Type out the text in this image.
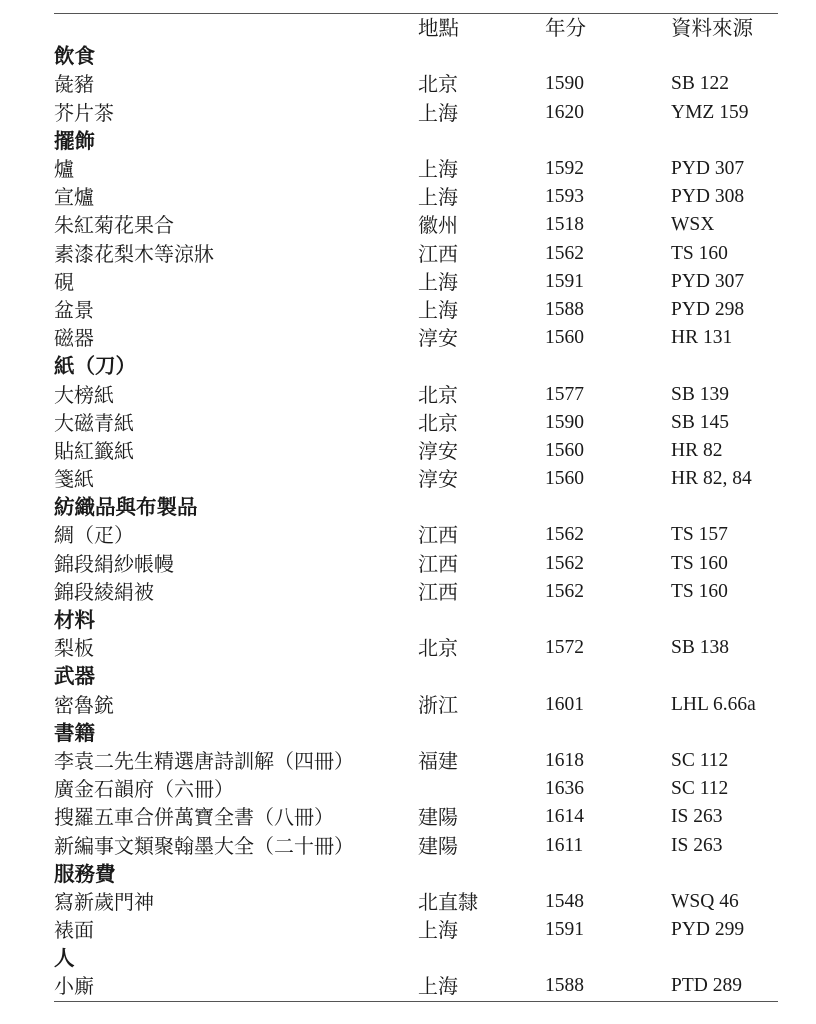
	地點	年分	資料來源
飲食			
彘豬	北京	1590	SB 122
芥片茶	上海	1620	YMZ 159
擺飾			
爐	上海	1592	PYD 307
宣爐	上海	1593	PYD 308
朱紅菊花果合	徽州	1518	WSX
素漆花梨木等涼牀	江西	1562	TS 160
硯	上海	1591	PYD 307
盆景	上海	1588	PYD 298
磁器	淳安	1560	HR 131
紙（刀）			
大榜紙	北京	1577	SB 139
大磁青紙	北京	1590	SB 145
貼紅籤紙	淳安	1560	HR 82
箋紙	淳安	1560	HR 82, 84
紡織品與布製品			
綢（疋）	江西	1562	TS 157
錦段絹紗帳幔	江西	1562	TS 160
錦段綾絹被	江西	1562	TS 160
材料			
梨板	北京	1572	SB 138
武器			
密魯銃	浙江	1601	LHL 6.66a
書籍			
李袁二先生精選唐詩訓解（四冊）	福建	1618	SC 112
廣金石韻府（六冊）		1636	SC 112
搜羅五車合併萬寶全書（八冊）	建陽	1614	IS 263
新編事文類聚翰墨大全（二十冊）	建陽	1611	IS 263
服務費			
寫新歲門神	北直隸	1548	WSQ 46
裱面	上海	1591	PYD 299
人			
小廝	上海	1588	PTD 289
